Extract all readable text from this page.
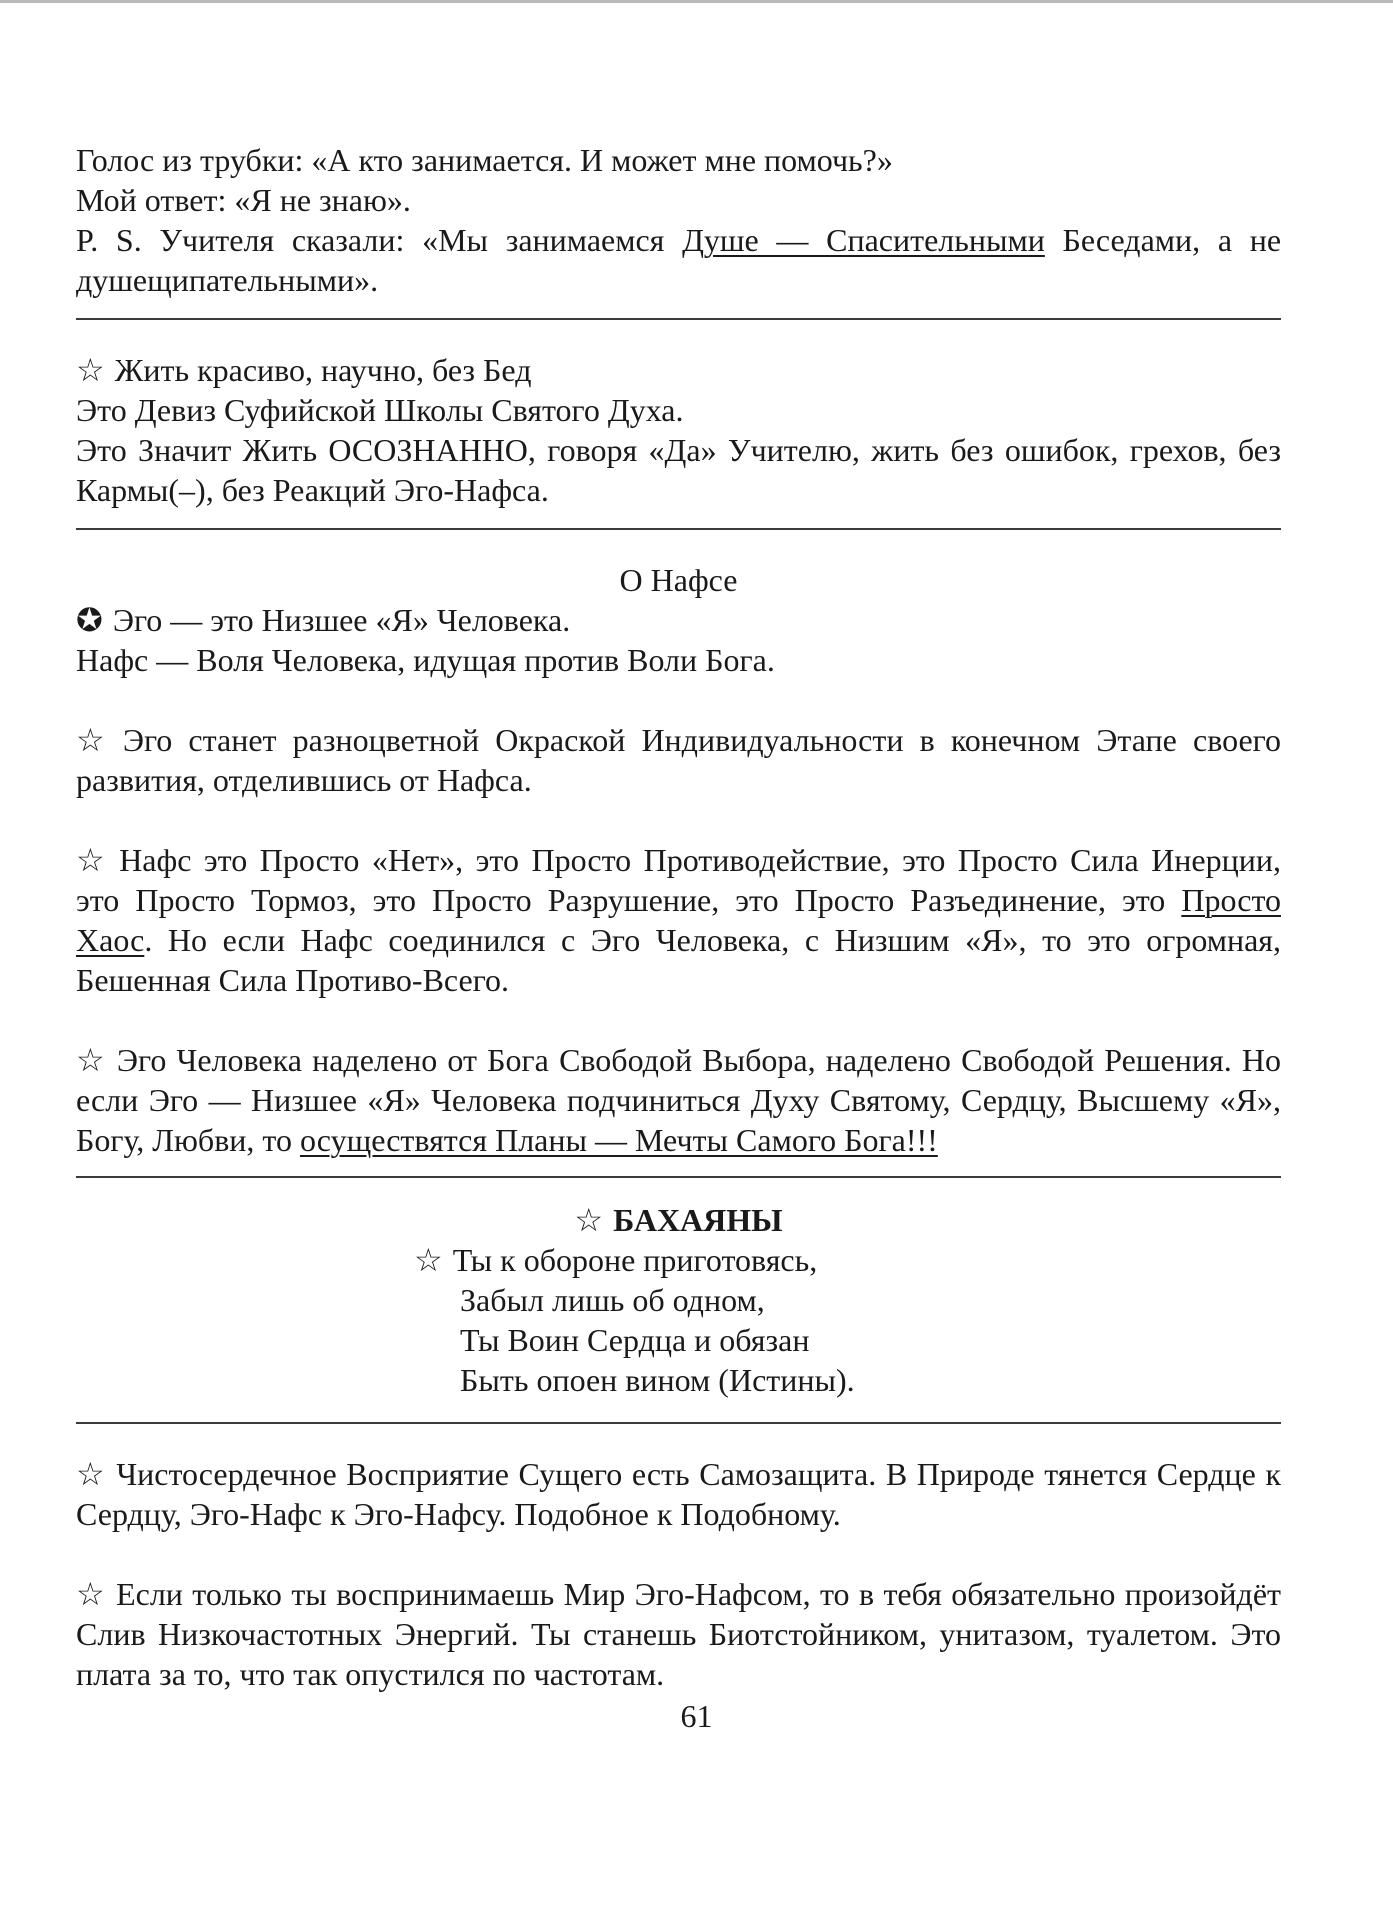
Голос из трубки: «А кто занимается. И может мне помочь?»

Мой ответ: «Я не знаю».

P. S. Учителя сказали: «Мы занимаемся Душе — Спасительными Беседами, а не душещипательными».

☆ Жить красиво, научно, без Бед

Это Девиз Суфийской Школы Святого Духа.

Это Значит Жить ОСОЗНАННО, говоря «Да» Учителю, жить без ошибок, грехов, без Кармы(–), без Реакций Эго-Нафса.

О Нафсе

✪ Эго — это Низшее «Я» Человека.

Нафс — Воля Человека, идущая против Воли Бога.

☆ Эго станет разноцветной Окраской Индивидуальности в конечном Этапе своего развития, отделившись от Нафса.

☆ Нафс это Просто «Нет», это Просто Противодействие, это Просто Сила Инерции, это Просто Тормоз, это Просто Разрушение, это Просто Разъединение, это Просто Хаос. Но если Нафс соединился с Эго Человека, с Низшим «Я», то это огромная, Бешенная Сила Противо-Всего.

☆ Эго Человека наделено от Бога Свободой Выбора, наделено Свободой Решения. Но если Эго — Низшее «Я» Человека подчиниться Духу Святому, Сердцу, Высшему «Я», Богу, Любви, то осуществятся Планы — Мечты Самого Бога!!!

☆ БАХАЯНЫ

☆ Ты к обороне приготовясь,
Забыл лишь об одном,
Ты Воин Сердца и обязан
Быть опоен вином (Истины).

☆ Чистосердечное Восприятие Сущего есть Самозащита. В Природе тянется Сердце к Сердцу, Эго-Нафс к Эго-Нафсу. Подобное к Подобному.

☆ Если только ты воспринимаешь Мир Эго-Нафсом, то в тебя обязательно произойдёт Слив Низкочастотных Энергий. Ты станешь Биотстойником, унитазом, туалетом. Это плата за то, что так опустился по частотам.

61
